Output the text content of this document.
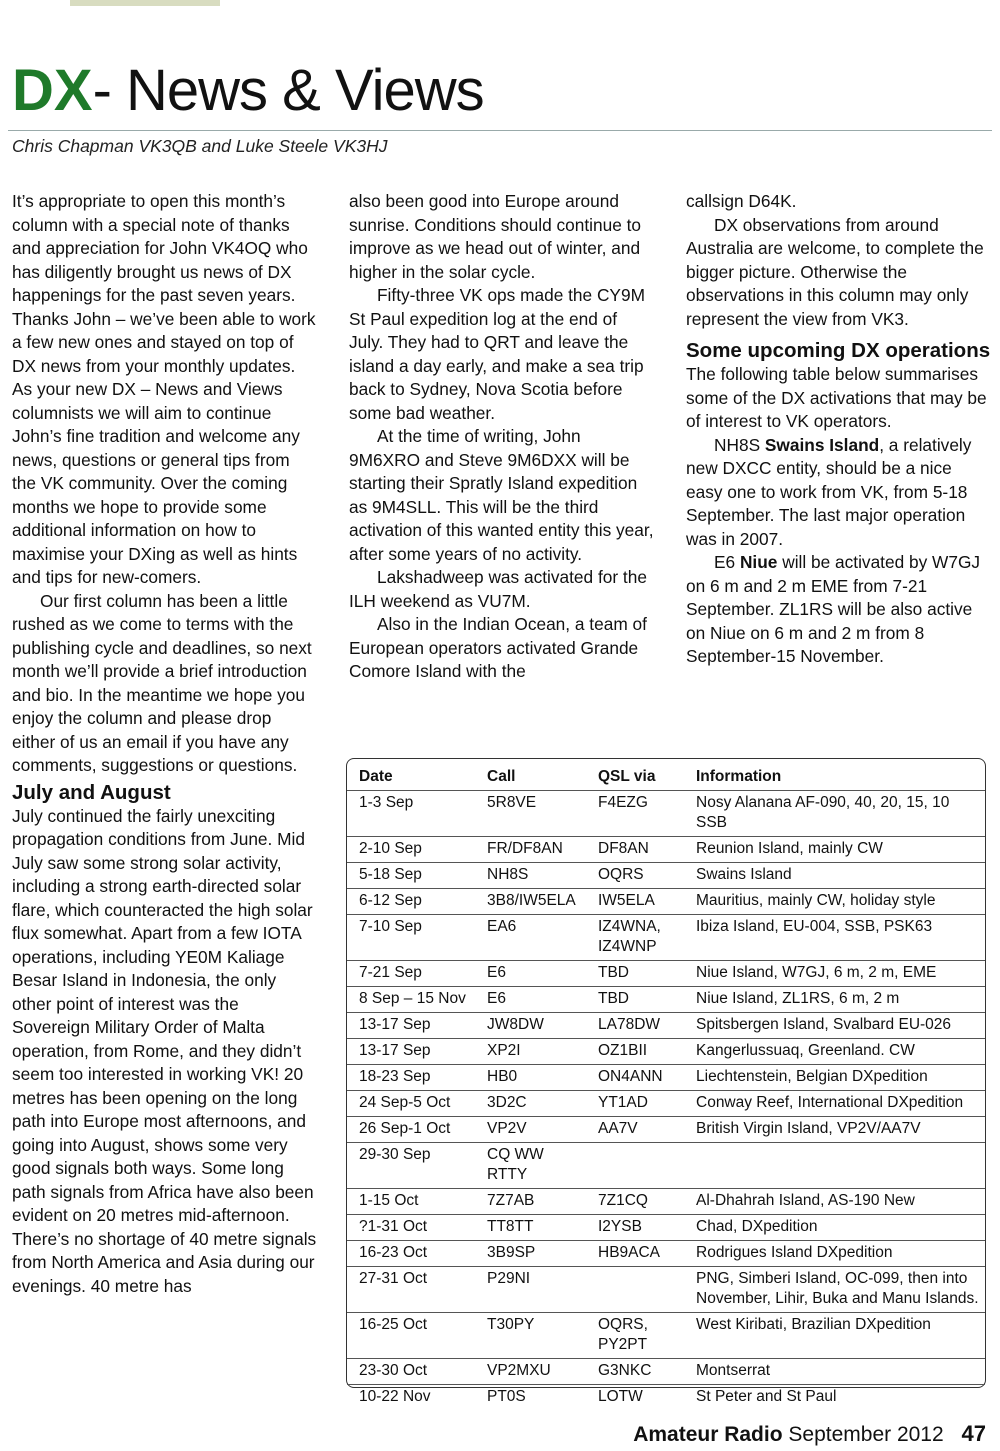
DX- News & Views
Chris Chapman VK3QB and Luke Steele VK3HJ

It’s appropriate to open this month’s column with a special note of thanks and appreciation for John VK4OQ who has diligently brought us news of DX happenings for the past seven years. Thanks John – we’ve been able to work a few new ones and stayed on top of DX news from your monthly updates. As your new DX – News and Views columnists we will aim to continue John’s fine tradition and welcome any news, questions or general tips from the VK community. Over the coming months we hope to provide some additional information on how to maximise your DXing as well as hints and tips for new-comers.

Our first column has been a little rushed as we come to terms with the publishing cycle and deadlines, so next month we’ll provide a brief introduction and bio. In the meantime we hope you enjoy the column and please drop either of us an email if you have any comments, suggestions or questions.

July and August

July continued the fairly unexciting propagation conditions from June. Mid July saw some strong solar activity, including a strong earth-directed solar flare, which counteracted the high solar flux somewhat. Apart from a few IOTA operations, including YE0M Kaliage Besar Island in Indonesia, the only other point of interest was the Sovereign Military Order of Malta operation, from Rome, and they didn’t seem too interested in working VK! 20 metres has been opening on the long path into Europe most afternoons, and going into August, shows some very good signals both ways. Some long path signals from Africa have also been evident on 20 metres mid-afternoon. There’s no shortage of 40 metre signals from North America and Asia during our evenings. 40 metre has

also been good into Europe around sunrise. Conditions should continue to improve as we head out of winter, and higher in the solar cycle.

Fifty-three VK ops made the CY9M St Paul expedition log at the end of July. They had to QRT and leave the island a day early, and make a sea trip back to Sydney, Nova Scotia before some bad weather.

At the time of writing, John 9M6XRO and Steve 9M6DXX will be starting their Spratly Island expedition as 9M4SLL. This will be the third activation of this wanted entity this year, after some years of no activity.

Lakshadweep was activated for the ILH weekend as VU7M.

Also in the Indian Ocean, a team of European operators activated Grande Comore Island with the

callsign D64K.

DX observations from around Australia are welcome, to complete the bigger picture. Otherwise the observations in this column may only represent the view from VK3.

Some upcoming DX operations

The following table below summarises some of the DX activations that may be of interest to VK operators.

NH8S Swains Island, a relatively new DXCC entity, should be a nice easy one to work from VK, from 5-18 September. The last major operation was in 2007.

E6 Niue will be activated by W7GJ on 6 m and 2 m EME from 7-21 September. ZL1RS will be also active on Niue on 6 m and 2 m from 8 September-15 November.

Date	Call	QSL via	Information
1-3 Sep	5R8VE	F4EZG	Nosy Alanana AF-090, 40, 20, 15, 10 SSB
2-10 Sep	FR/DF8AN	DF8AN	Reunion Island, mainly CW
5-18 Sep	NH8S	OQRS	Swains Island
6-12 Sep	3B8/IW5ELA	IW5ELA	Mauritius, mainly CW, holiday style
7-10 Sep	EA6	IZ4WNA, IZ4WNP	Ibiza Island, EU-004, SSB, PSK63
7-21 Sep	E6	TBD	Niue Island, W7GJ, 6 m, 2 m, EME
8 Sep – 15 Nov	E6	TBD	Niue Island, ZL1RS, 6 m, 2 m
13-17 Sep	JW8DW	LA78DW	Spitsbergen Island, Svalbard EU-026
13-17 Sep	XP2I	OZ1BII	Kangerlussuaq, Greenland. CW
18-23 Sep	HB0	ON4ANN	Liechtenstein, Belgian DXpedition
24 Sep-5 Oct	3D2C	YT1AD	Conway Reef, International DXpedition
26 Sep-1 Oct	VP2V	AA7V	British Virgin Island, VP2V/AA7V
29-30 Sep	CQ WW RTTY		
1-15 Oct	7Z7AB	7Z1CQ	Al-Dhahrah Island, AS-190 New
?1-31 Oct	TT8TT	I2YSB	Chad, DXpedition
16-23 Oct	3B9SP	HB9ACA	Rodrigues Island DXpedition
27-31 Oct	P29NI		PNG, Simberi Island, OC-099, then into November, Lihir, Buka and Manu Islands.
16-25 Oct	T30PY	OQRS, PY2PT	West Kiribati, Brazilian DXpedition
23-30 Oct	VP2MXU	G3NKC	Montserrat
10-22 Nov	PT0S	LOTW	St Peter and St Paul
Amateur Radio September 2012 47
